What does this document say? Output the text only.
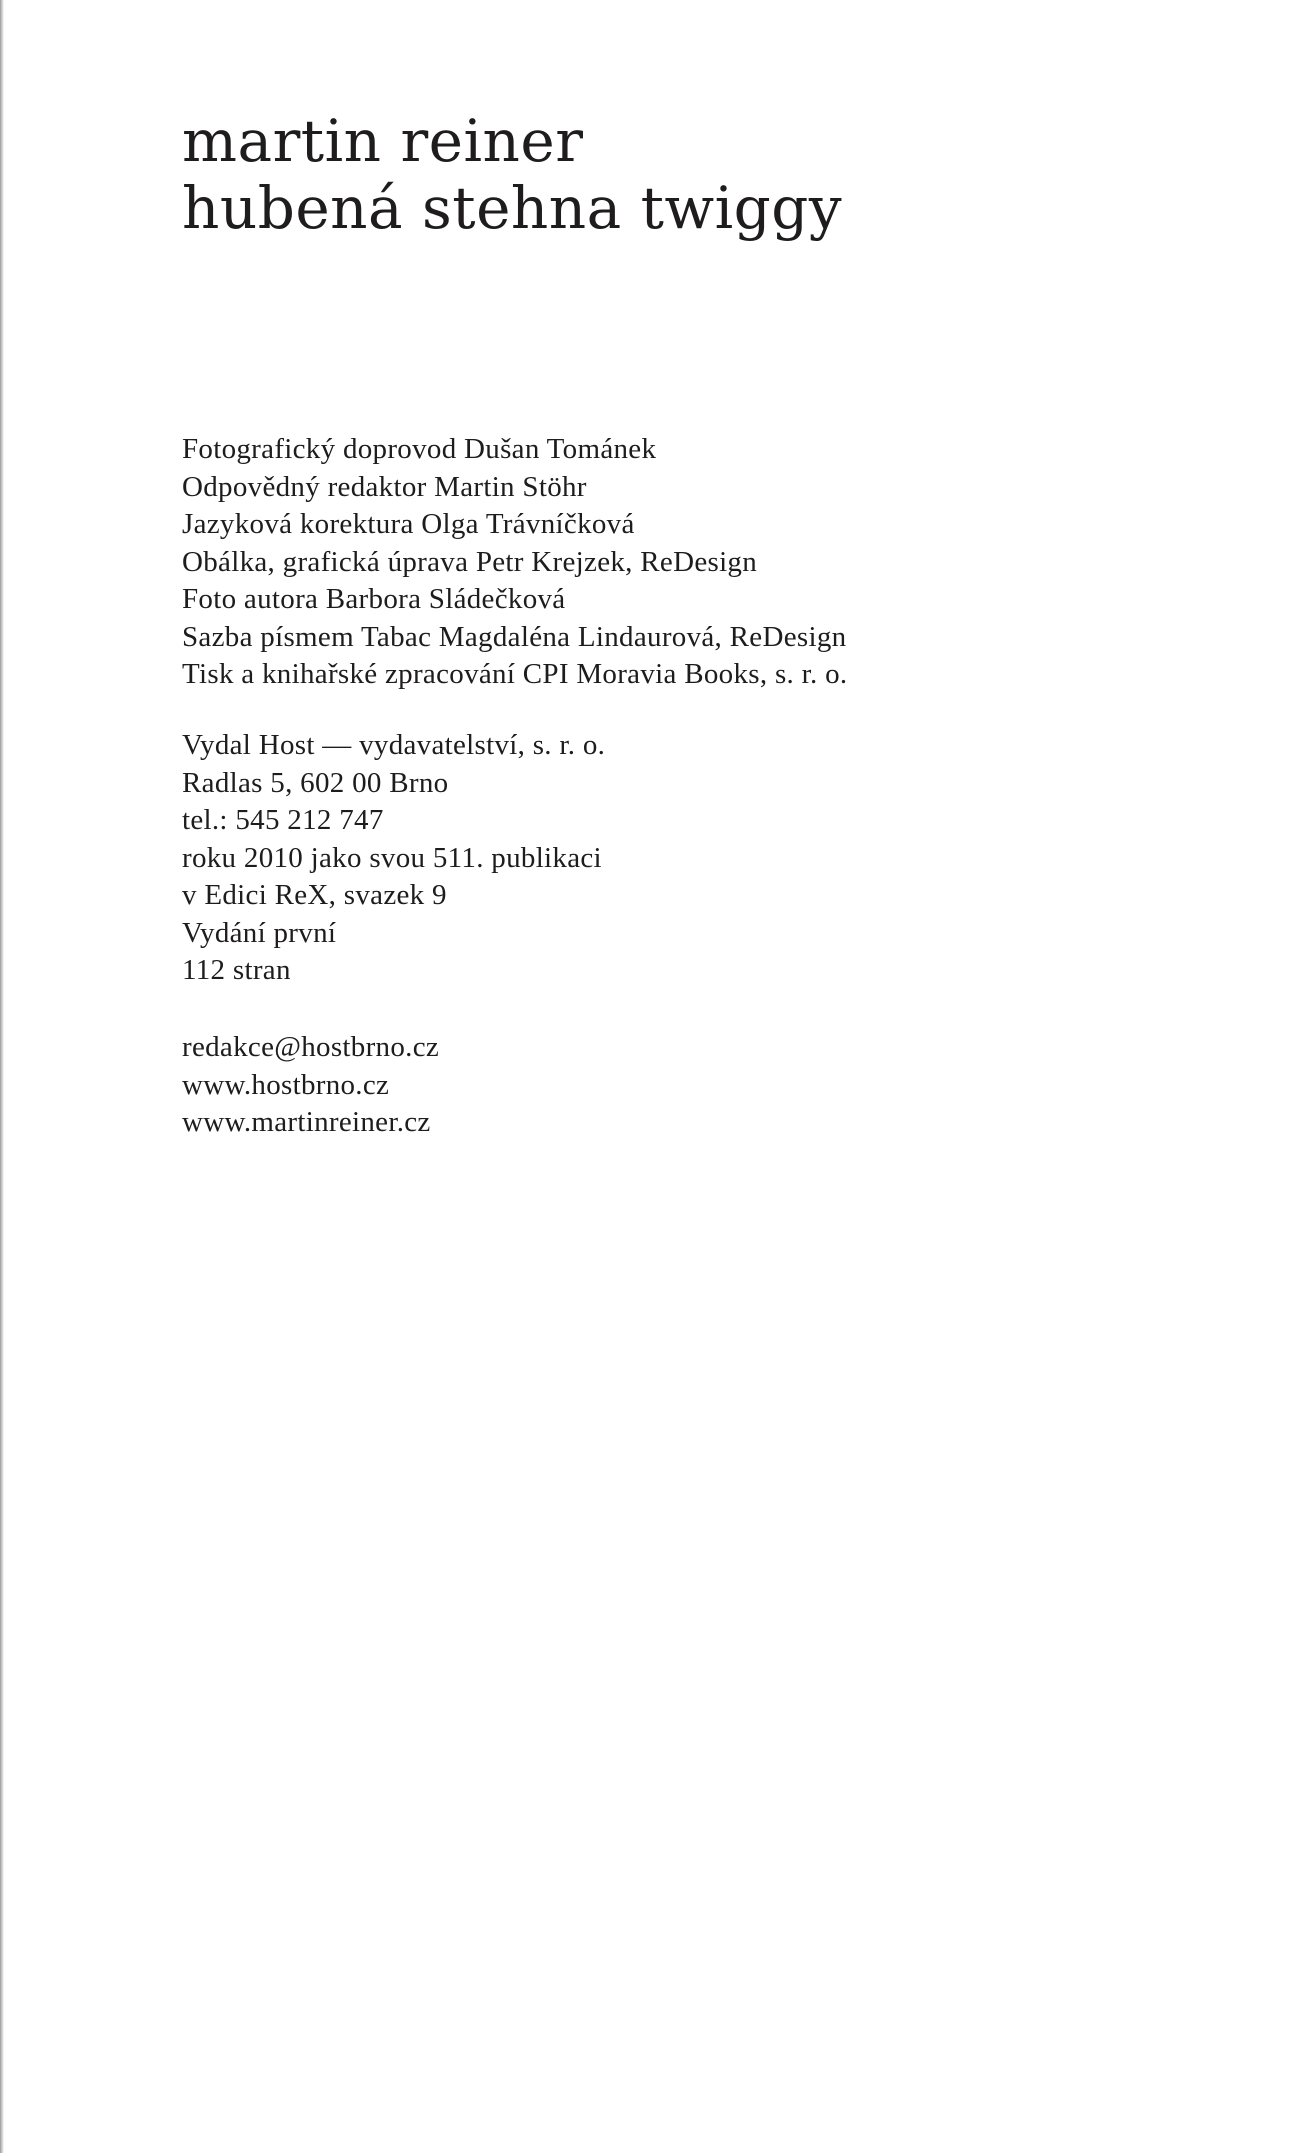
martin reiner
hubená stehna twiggy
Fotografický doprovod Dušan Tománek
Odpovědný redaktor Martin Stöhr
Jazyková korektura Olga Trávníčková
Obálka, grafická úprava Petr Krejzek, ReDesign
Foto autora Barbora Sládečková
Sazba písmem Tabac Magdaléna Lindaurová, ReDesign
Tisk a knihařské zpracování CPI Moravia Books, s. r. o.
Vydal Host — vydavatelství, s. r. o.
Radlas 5, 602 00 Brno
tel.: 545 212 747
roku 2010 jako svou 511. publikaci
v Edici ReX, svazek 9
Vydání první
112 stran
redakce@hostbrno.cz
www.hostbrno.cz
www.martinreiner.cz
